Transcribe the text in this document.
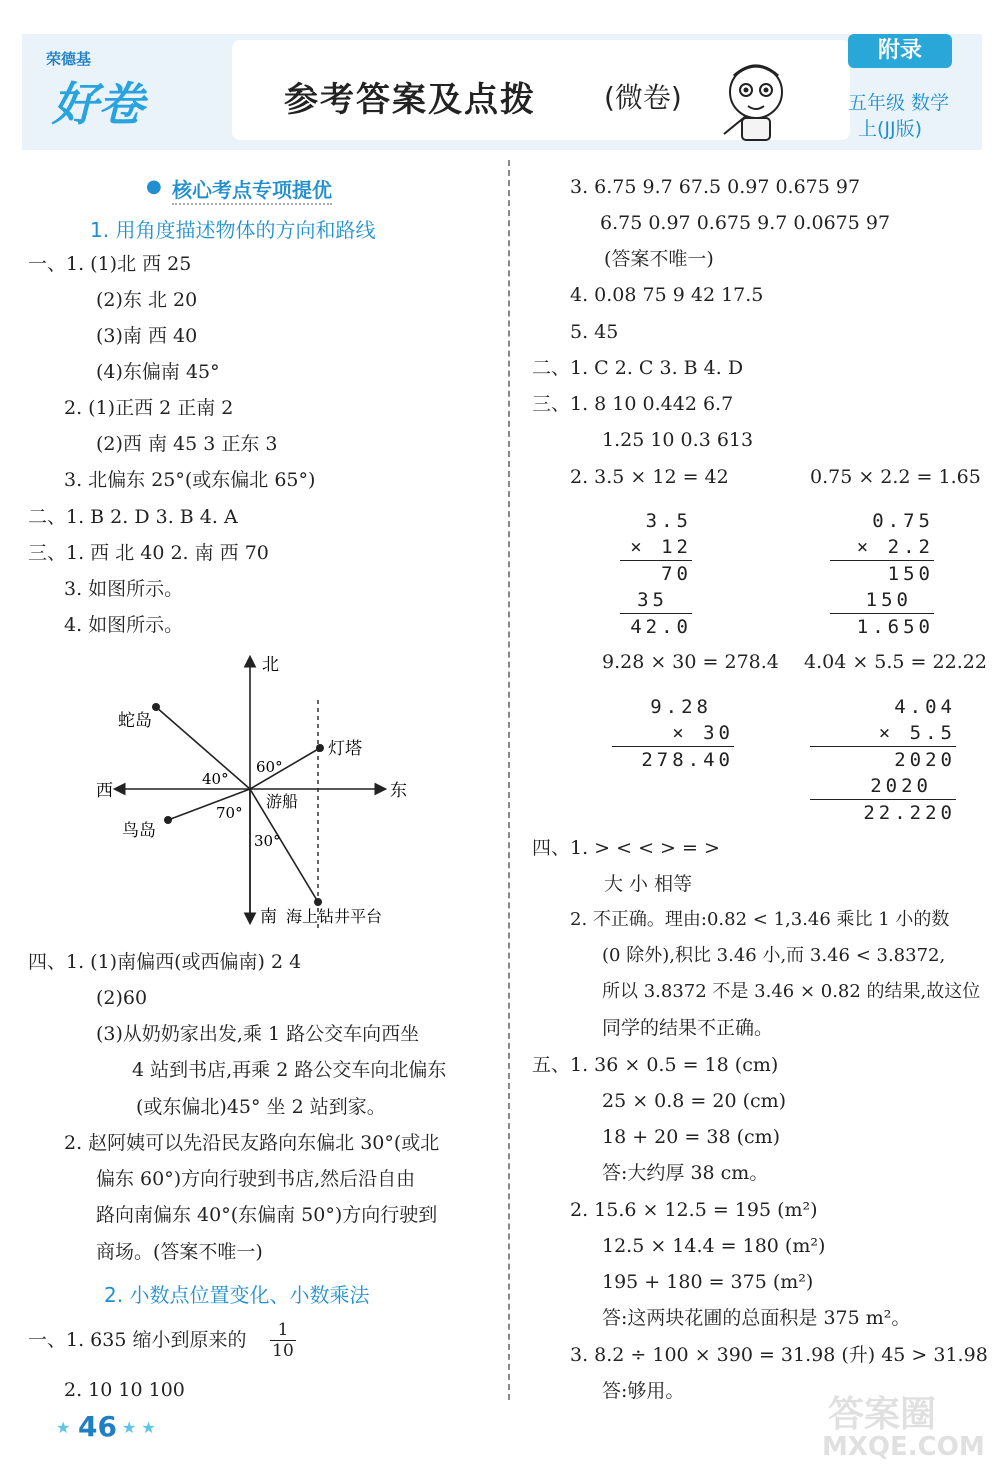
荣德基
好卷	参考答案及点拨 (微卷)
附录
五年级 数学
上(JJ版)
● 核心考点专项提优
1. 用角度描述物体的方向和路线
一、1. (1)北 西 25
(2)东 北 20
(3)南 西 40
(4)东偏南 45°
2. (1)正西 2 正南 2
(2)西 南 45 3 正东 3
3. 北偏东 25°(或东偏北 65°)
二、1. B 2. D 3. B 4. A
三、1. 西 北 40 2. 南 西 70
3. 如图所示。
4. 如图所示。
北
南
东
西
蛇岛
鸟岛
灯塔
游船
海上钻井平台
60°
40°
70°
30°
四、1. (1)南偏西(或西偏南) 2 4
(2)60
(3)从奶奶家出发,乘 1 路公交车向西坐
4 站到书店,再乘 2 路公交车向北偏东
(或东偏北)45° 坐 2 站到家。
2. 赵阿姨可以先沿民友路向东偏北 30°(或北
偏东 60°)方向行驶到书店,然后沿自由
路向南偏东 40°(东偏南 50°)方向行驶到
商场。(答案不唯一)
2. 小数点位置变化、小数乘法
一、1. 635 缩小到原来的 $\frac{1}{10}$
2. 10 10 100
3. 6.75 9.7 67.5 0.97 0.675 97
6.75 0.97 0.675 9.7 0.0675 97
(答案不唯一)
4. 0.08 75 9 42 17.5
5. 45
二、1. C 2. C 3. B 4. D
三、1. 8 10 0.442 6.7
1.25 10 0.3 613
2. 3.5 × 12 = 42	0.75 × 2.2 = 1.65
3.5
× 12
70
35
42.0
0.75
× 2.2
150
150
1.650
9.28 × 30 = 278.4 4.04 × 5.5 = 22.22
9.28
× 30
278.40
4.04
× 5.5
2020
2020
22.220
四、1. > < < > = >
大 小 相等
2. 不正确。理由:0.82 < 1,3.46 乘比 1 小的数
(0 除外),积比 3.46 小,而 3.46 < 3.8372,
所以 3.8372 不是 3.46 × 0.82 的结果,故这位
同学的结果不正确。
五、1. 36 × 0.5 = 18 (cm)
25 × 0.8 = 20 (cm)
18 + 20 = 38 (cm)
答:大约厚 38 cm。
2. 15.6 × 12.5 = 195 (m²)
12.5 × 14.4 = 180 (m²)
195 + 180 = 375 (m²)
答:这两块花圃的总面积是 375 m²。
3. 8.2 ÷ 100 × 390 = 31.98 (升) 45 > 31.98
答:够用。
★ 46 ★ ★	答案圈
MXQE.COM
